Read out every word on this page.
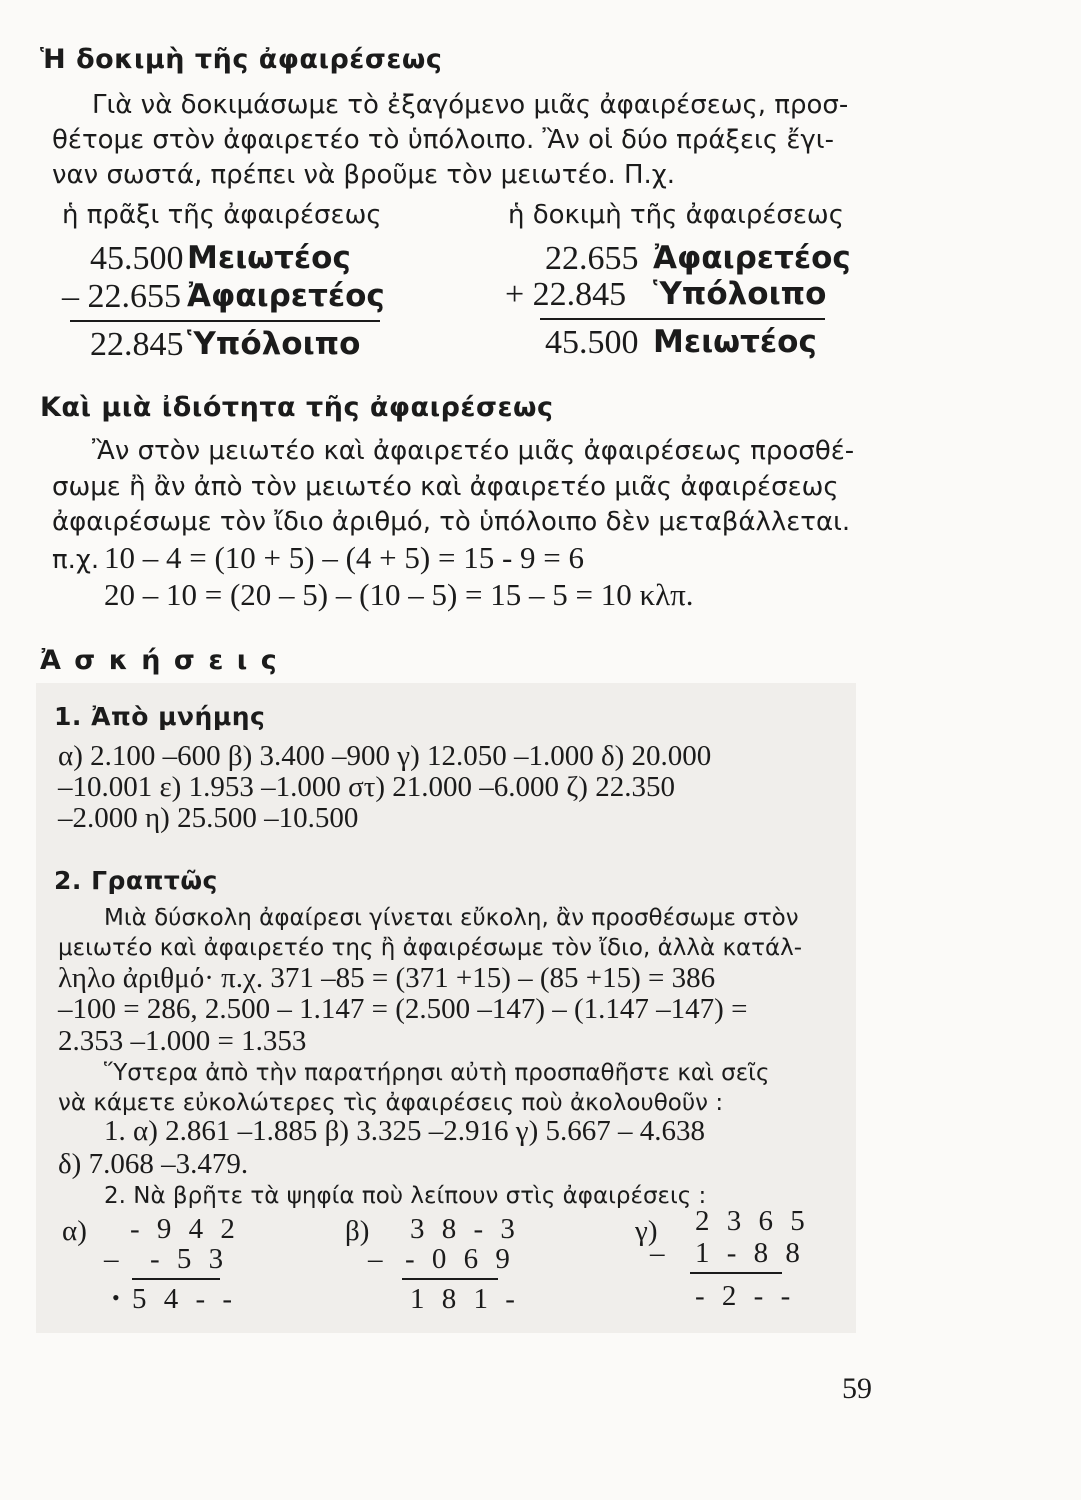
Ἡ δοκιμὴ τῆς ἀφαιρέσεως
Γιὰ νὰ δοκιμάσωμε τὸ ἐξαγόμενο μιᾶς ἀφαιρέσεως, προσ-
θέτομε στὸν ἀφαιρετέο τὸ ὑπόλοιπο. Ἂν οἱ δύο πράξεις ἔγι-
ναν σωστά, πρέπει νὰ βροῦμε τὸν μειωτέο. Π.χ.
ἡ πρᾶξι τῆς ἀφαιρέσεως	ἡ δοκιμὴ τῆς ἀφαιρέσεως
45.500 Μειωτέος
– 22.655 Ἀφαιρετέος
22.845 Ὑπόλοιπο
22.655 Ἀφαιρετέος
+ 22.845 Ὑπόλοιπο
45.500 Μειωτέος
Καὶ μιὰ ἰδιότητα τῆς ἀφαιρέσεως
Ἂν στὸν μειωτέο καὶ ἀφαιρετέο μιᾶς ἀφαιρέσεως προσθέ-
σωμε ἢ ἂν ἀπὸ τὸν μειωτέο καὶ ἀφαιρετέο μιᾶς ἀφαιρέσεως
ἀφαιρέσωμε τὸν ἴδιο ἀριθμό, τὸ ὑπόλοιπο δὲν μεταβάλλεται.
π.χ. 10 – 4 = (10 + 5) – (4 + 5) = 15 - 9 = 6
20 – 10 = (20 – 5) – (10 – 5) = 15 – 5 = 10 κλπ.
Ἀ σ κ ή σ ε ι ς
1. Ἀπὸ μνήμης
α) 2.100 –600 β) 3.400 –900 γ) 12.050 –1.000 δ) 20.000
–10.001 ε) 1.953 –1.000 στ) 21.000 –6.000 ζ) 22.350
–2.000 η) 25.500 –10.500
2. Γραπτῶς
Μιὰ δύσκολη ἀφαίρεσι γίνεται εὔκολη, ἂν προσθέσωμε στὸν
μειωτέο καὶ ἀφαιρετέο της ἢ ἀφαιρέσωμε τὸν ἴδιο, ἀλλὰ κατάλ-
ληλο ἀριθμό· π.χ. 371 –85 = (371 +15) – (85 +15) = 386
–100 = 286, 2.500 – 1.147 = (2.500 –147) – (1.147 –147) =
2.353 –1.000 = 1.353
Ὕστερα ἀπὸ τὴν παρατήρησι αὐτὴ προσπαθῆστε καὶ σεῖς
νὰ κάμετε εὐκολώτερες τὶς ἀφαιρέσεις ποὺ ἀκολουθοῦν :
1. α) 2.861 –1.885 β) 3.325 –2.916 γ) 5.667 – 4.638
δ) 7.068 –3.479.
2. Νὰ βρῆτε τὰ ψηφία ποὺ λείπουν στὶς ἀφαιρέσεις :
α) - 9 4 2
– - 5 3
• 5 4 - -
β) 3 8 - 3
– - 0 6 9
1 8 1 -
γ) 2 3 6 5
– 1 - 8 8
- 2 - -
59
